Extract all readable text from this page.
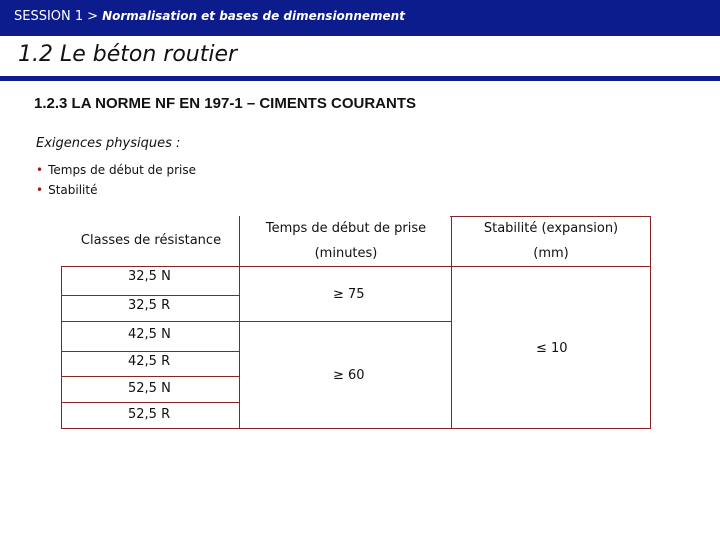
SESSION 1 > Normalisation et bases de dimensionnement
1.2 Le béton routier
1.2.3 LA NORME NF EN 197-1 – CIMENTS COURANTS
Exigences physiques :
• Temps de début de prise
• Stabilité
Classes de résistance
Temps de début de prise
(minutes)
Stabilité (expansion)
(mm)
32,5 N
32,5 R
42,5 N
42,5 R
52,5 N
52,5 R
≥ 75
≥ 60
≤ 10
